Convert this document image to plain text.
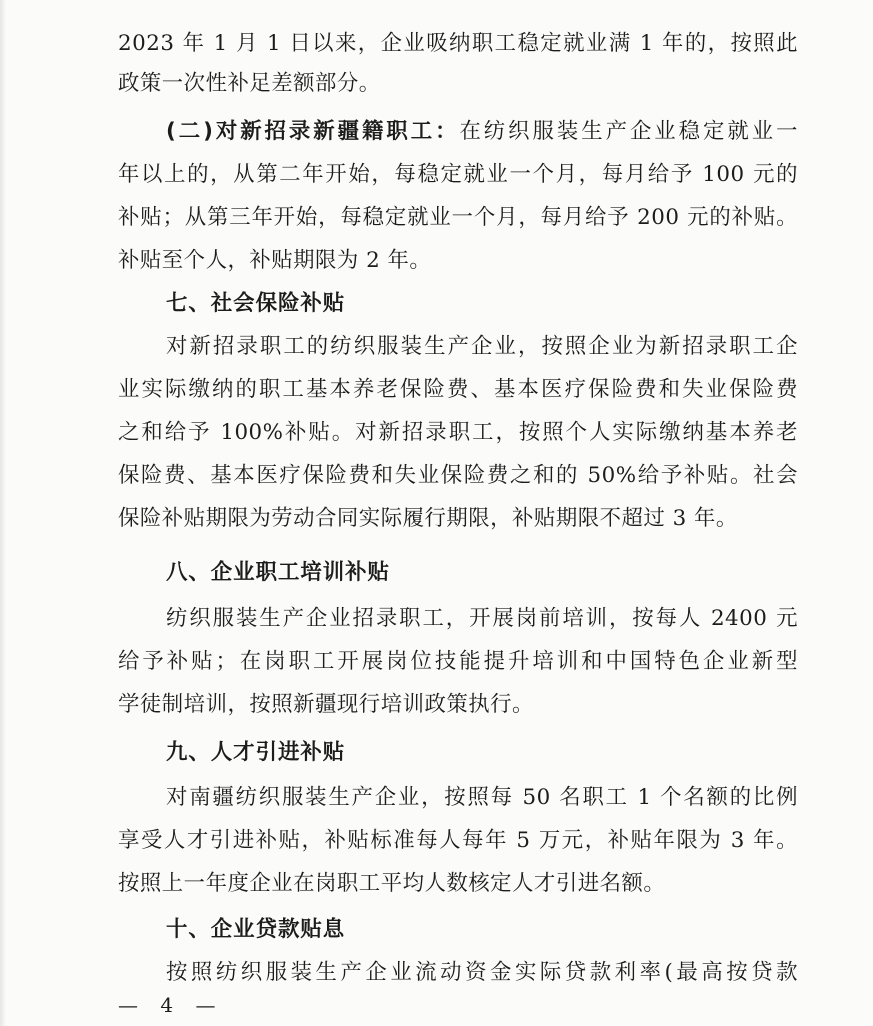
2023 年 1 月 1 日以来，企业吸纳职工稳定就业满 1 年的，按照此
政策一次性补足差额部分。
(二)对新招录新疆籍职工：在纺织服装生产企业稳定就业一
年以上的，从第二年开始，每稳定就业一个月，每月给予 100 元的
补贴；从第三年开始，每稳定就业一个月，每月给予 200 元的补贴。
补贴至个人，补贴期限为 2 年。
七、社会保险补贴
对新招录职工的纺织服装生产企业，按照企业为新招录职工企
业实际缴纳的职工基本养老保险费、基本医疗保险费和失业保险费
之和给予 100%补贴。对新招录职工，按照个人实际缴纳基本养老
保险费、基本医疗保险费和失业保险费之和的 50%给予补贴。社会
保险补贴期限为劳动合同实际履行期限，补贴期限不超过 3 年。
八、企业职工培训补贴
纺织服装生产企业招录职工，开展岗前培训，按每人 2400 元
给予补贴；在岗职工开展岗位技能提升培训和中国特色企业新型
学徒制培训，按照新疆现行培训政策执行。
九、人才引进补贴
对南疆纺织服装生产企业，按照每 50 名职工 1 个名额的比例
享受人才引进补贴，补贴标准每人每年 5 万元，补贴年限为 3 年。
按照上一年度企业在岗职工平均人数核定人才引进名额。
十、企业贷款贴息
按照纺织服装生产企业流动资金实际贷款利率(最高按贷款
— 4 —
